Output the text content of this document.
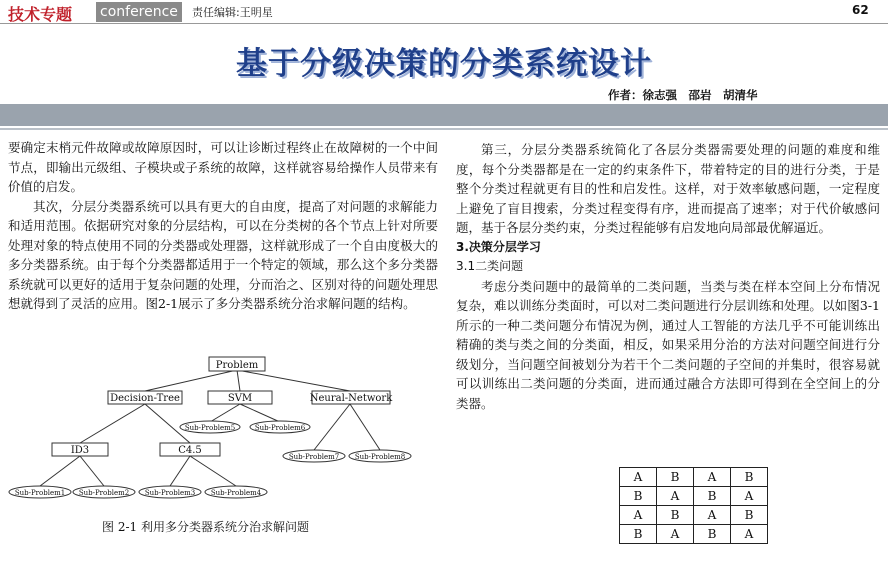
技术专题 conference	责任编辑:王明星	62
基于分级决策的分类系统设计
作者：徐志强　邵岩　胡清华

要确定末梢元件故障或故障原因时，可以让诊断过程终止在故障树的一个中间节点，即输出元级组、子模块或子系统的故障，这样就容易给操作人员带来有价值的启发。

其次，分层分类器系统可以具有更大的自由度，提高了对问题的求解能力和适用范围。依据研究对象的分层结构，可以在分类树的各个节点上针对所要处理对象的特点使用不同的分类器或处理器，这样就形成了一个自由度极大的多分类器系统。由于每个分类器都适用于一个特定的领域，那么这个多分类器系统就可以更好的适用于复杂问题的处理，分而治之、区别对待的问题处理思想就得到了灵活的应用。图2-1展示了多分类器系统分治求解问题的结构。

Problem
Decision-Tree	SVM	Neural-Network
ID3	C4.5
Sub-Problem5	Sub-Problem6
Sub-Problem7 Sub-Problem8
Sub-Problem1 Sub-Problem2 Sub-Problem3 Sub-Problem4
图 2-1 利用多分类器系统分治求解问题

第三，分层分类器系统简化了各层分类器需要处理的问题的难度和维度，每个分类器都是在一定的约束条件下，带着特定的目的进行分类，于是整个分类过程就更有目的性和启发性。这样，对于效率敏感问题，一定程度上避免了盲目搜索，分类过程变得有序，进而提高了速率；对于代价敏感问题，基于各层分类约束，分类过程能够有启发地向局部最优解逼近。

3.决策分层学习

3.1二类问题

考虑分类问题中的最简单的二类问题，当类与类在样本空间上分布情况复杂，难以训练分类面时，可以对二类问题进行分层训练和处理。以如图3-1所示的一种二类问题分布情况为例，通过人工智能的方法几乎不可能训练出精确的类与类之间的分类面，相反，如果采用分治的方法对问题空间进行分级划分，当问题空间被划分为若干个二类问题的子空间的并集时，很容易就可以训练出二类问题的分类面，进而通过融合方法即可得到在全空间上的分类器。

A	B	A	B
B	A	B	A
A	B	A	B
B	A	B	A
